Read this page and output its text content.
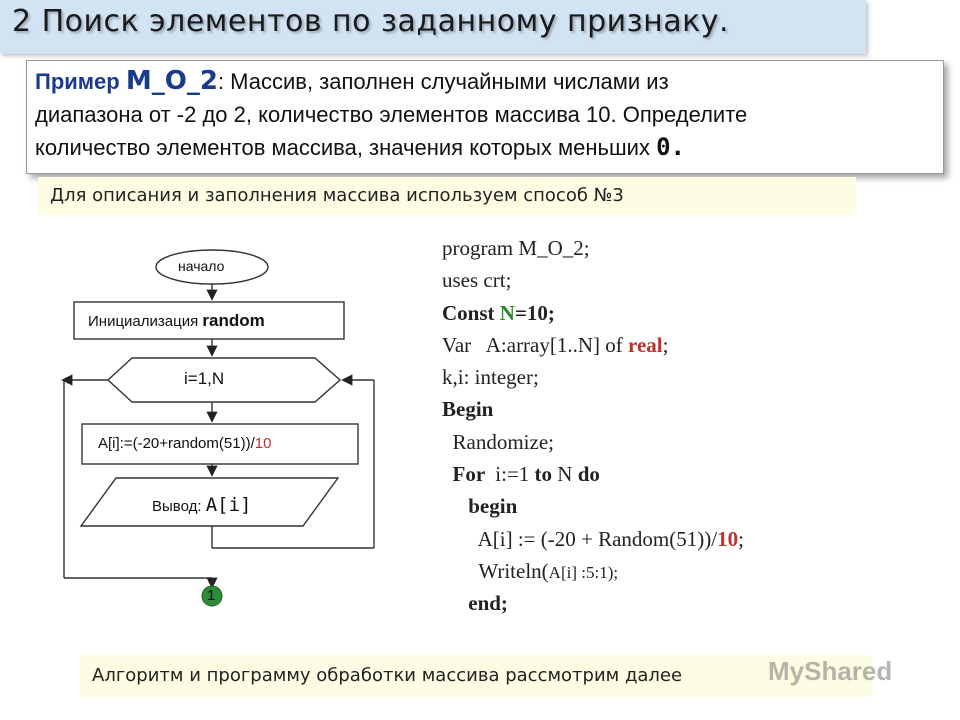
2 Поиск элементов по заданному признаку.
Пример M_O_2: Массив, заполнен случайными числами из
диапазона от -2 до 2, количество элементов массива 10. Определите
количество элементов массива, значения которых меньших 0.
Для описания и заполнения массива используем способ №3
начало
Инициализация random
i=1,N
A[i]:=(-20+random(51))/10
Вывод: A[i]
1
program M_O_2;
uses crt;
Const N=10;
Var   A:array[1..N] of real;
k,i: integer;
Begin
Randomize;
For  i:=1 to N do
begin
A[i] := (-20 + Random(51))/10;
Writeln(A[i] :5:1);
end;
Алгоритм и программу обработки массива рассмотрим далее	MyShared
